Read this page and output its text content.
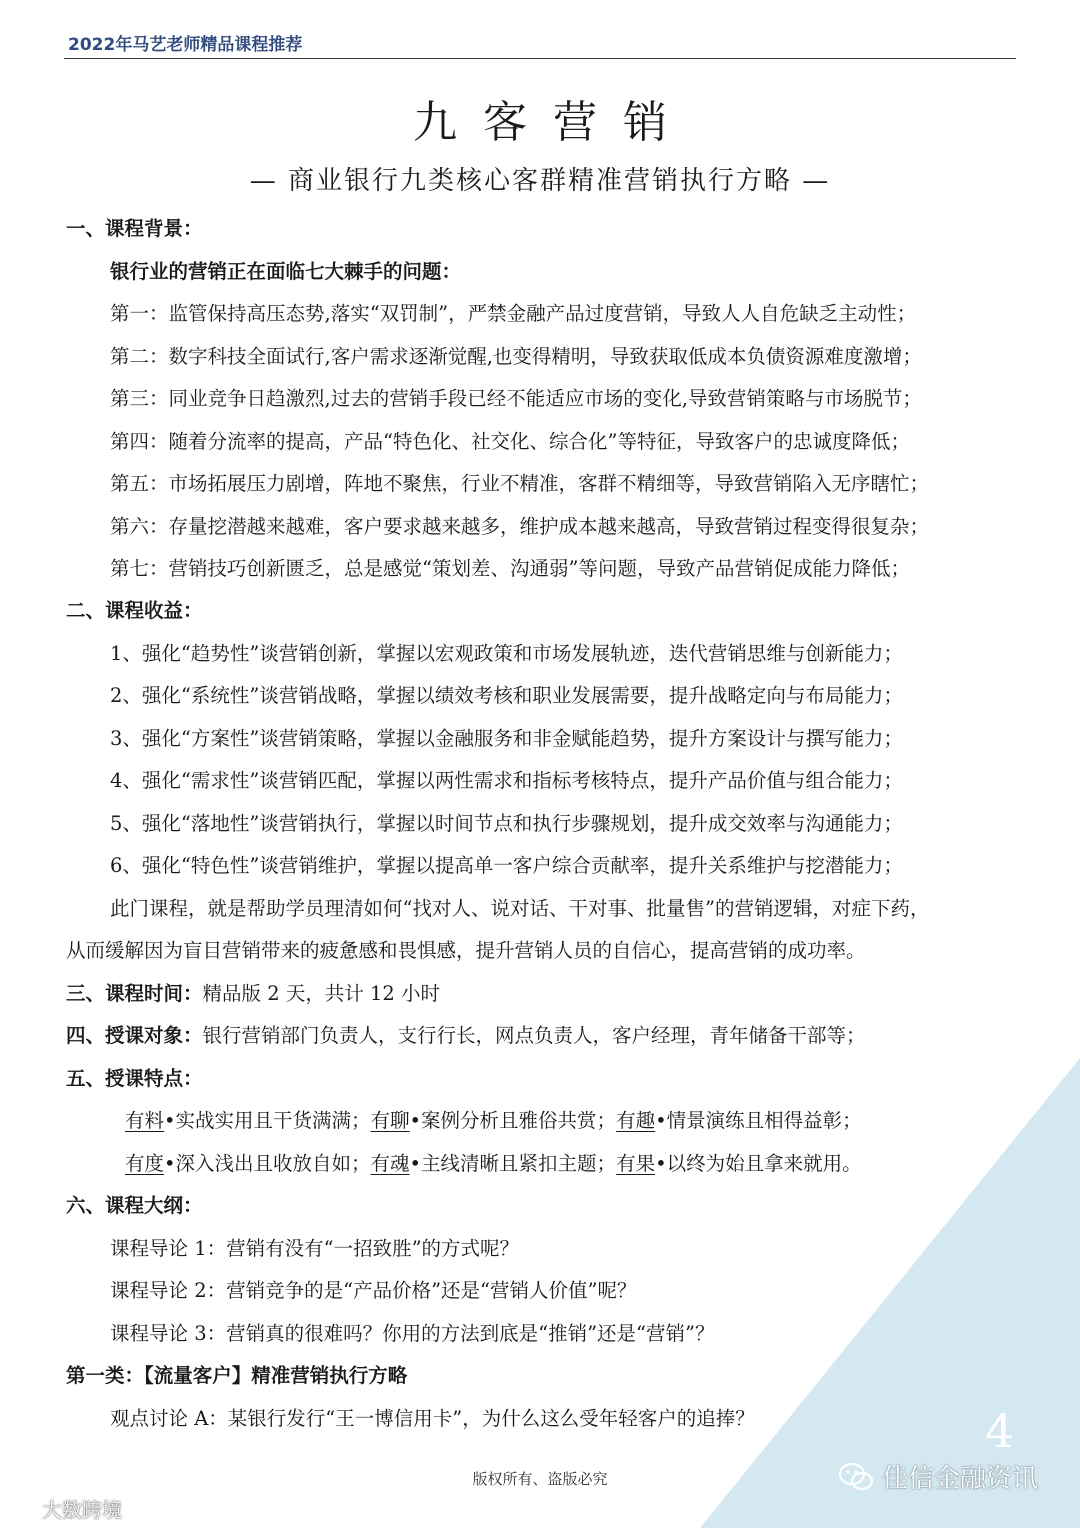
2022年马艺老师精品课程推荐
九客营销
— 商业银行九类核心客群精准营销执行方略 —
一、课程背景：
银行业的营销正在面临七大棘手的问题：
第一：监管保持高压态势,落实“双罚制”，严禁金融产品过度营销，导致人人自危缺乏主动性；
第二：数字科技全面试行,客户需求逐渐觉醒,也变得精明，导致获取低成本负债资源难度激增；
第三：同业竞争日趋激烈,过去的营销手段已经不能适应市场的变化,导致营销策略与市场脱节；
第四：随着分流率的提高，产品“特色化、社交化、综合化”等特征，导致客户的忠诚度降低；
第五：市场拓展压力剧增，阵地不聚焦，行业不精准，客群不精细等，导致营销陷入无序瞎忙；
第六：存量挖潜越来越难，客户要求越来越多，维护成本越来越高，导致营销过程变得很复杂；
第七：营销技巧创新匮乏，总是感觉“策划差、沟通弱”等问题，导致产品营销促成能力降低；
二、课程收益：
1、强化“趋势性”谈营销创新，掌握以宏观政策和市场发展轨迹，迭代营销思维与创新能力；
2、强化“系统性”谈营销战略，掌握以绩效考核和职业发展需要，提升战略定向与布局能力；
3、强化“方案性”谈营销策略，掌握以金融服务和非金赋能趋势，提升方案设计与撰写能力；
4、强化“需求性”谈营销匹配，掌握以两性需求和指标考核特点，提升产品价值与组合能力；
5、强化“落地性”谈营销执行，掌握以时间节点和执行步骤规划，提升成交效率与沟通能力；
6、强化“特色性”谈营销维护，掌握以提高单一客户综合贡献率，提升关系维护与挖潜能力；
此门课程，就是帮助学员理清如何“找对人、说对话、干对事、批量售”的营销逻辑，对症下药，
从而缓解因为盲目营销带来的疲惫感和畏惧感，提升营销人员的自信心，提高营销的成功率。
三、课程时间：精品版 2 天，共计 12 小时
四、授课对象：银行营销部门负责人，支行行长，网点负责人，客户经理，青年储备干部等；
五、授课特点：
有料•实战实用且干货满满；有聊•案例分析且雅俗共赏；有趣•情景演练且相得益彰；
有度•深入浅出且收放自如；有魂•主线清晰且紧扣主题；有果•以终为始且拿来就用。
六、课程大纲：
课程导论 1：营销有没有“一招致胜”的方式呢？
课程导论 2：营销竞争的是“产品价格”还是“营销人价值”呢？
课程导论 3：营销真的很难吗？你用的方法到底是“推销”还是“营销”？
第一类：【流量客户】精准营销执行方略
观点讨论 A：某银行发行“王一博信用卡”，为什么这么受年轻客户的追捧？	4
版权所有、盗版必究	佳信金融资讯
大数跨境
